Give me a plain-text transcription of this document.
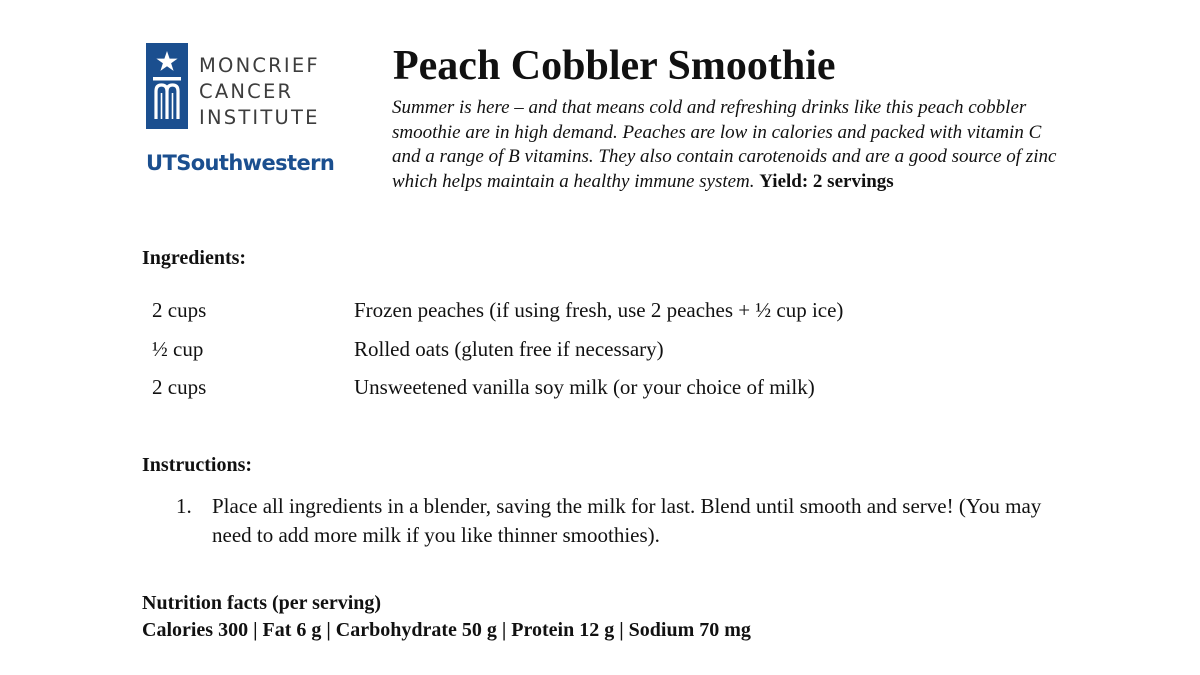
MONCRIEF
CANCER
INSTITUTE
UTSouthwestern
Peach Cobbler Smoothie
Summer is here – and that means cold and refreshing drinks like this peach cobbler smoothie are in high demand. Peaches are low in calories and packed with vitamin C and a range of B vitamins. They also contain carotenoids and are a good source of zinc which helps maintain a healthy immune system. Yield: 2 servings
Ingredients:
2 cups	Frozen peaches (if using fresh, use 2 peaches + ½ cup ice)
½ cup	Rolled oats (gluten free if necessary)
2 cups	Unsweetened vanilla soy milk (or your choice of milk)
Instructions:
1. Place all ingredients in a blender, saving the milk for last. Blend until smooth and serve! (You may need to add more milk if you like thinner smoothies).
Nutrition facts (per serving)
Calories 300 | Fat 6 g | Carbohydrate 50 g | Protein 12 g | Sodium 70 mg
